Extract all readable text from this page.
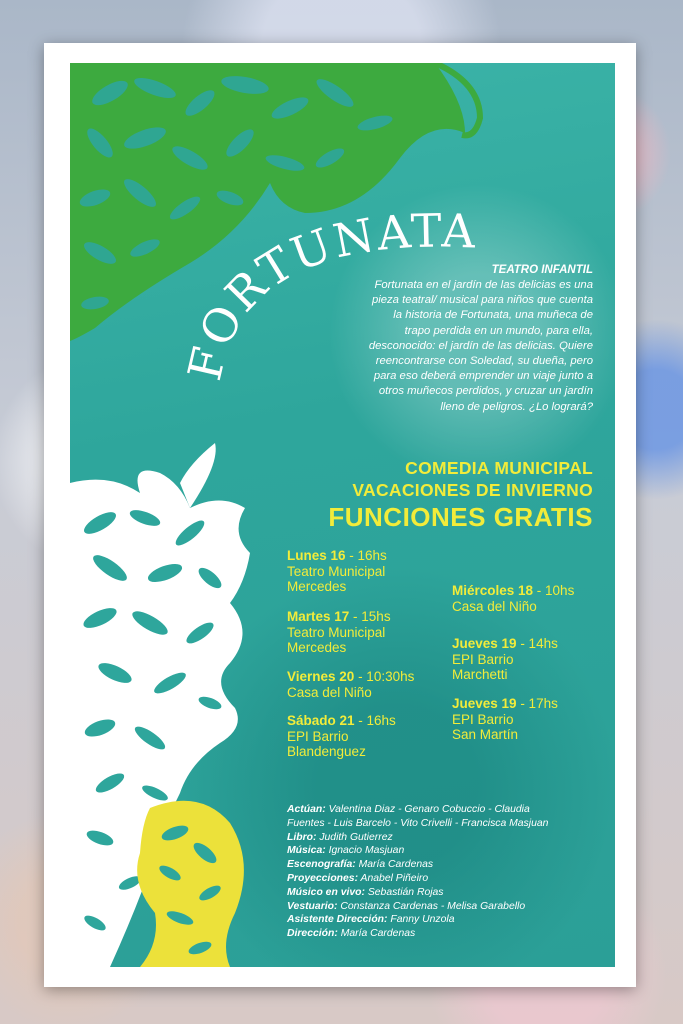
FORTUNATA
TEATRO INFANTIL
Fortunata en el jardín de las delicias es una
pieza teatral/ musical para niños que cuenta
la historia de Fortunata, una muñeca de
trapo perdida en un mundo, para ella,
desconocido: el jardín de las delicias. Quiere
reencontrarse con Soledad, su dueña, pero
para eso deberá emprender un viaje junto a
otros muñecos perdidos, y cruzar un jardín
lleno de peligros. ¿Lo logrará?
COMEDIA MUNICIPAL
VACACIONES DE INVIERNO
FUNCIONES GRATIS
Lunes 16 - 16hs
Teatro Municipal
Mercedes
Martes 17 - 15hs
Teatro Municipal
Mercedes
Viernes 20 - 10:30hs
Casa del Niño
Sábado 21 - 16hs
EPI Barrio
Blandenguez
Miércoles 18 - 10hs
Casa del Niño
Jueves 19 - 14hs
EPI Barrio
Marchetti
Jueves 19 - 17hs
EPI Barrio
San Martín
Actúan: Valentina Diaz - Genaro Cobuccio - Claudia
Fuentes - Luis Barcelo - Vito Crivelli - Francisca Masjuan
Libro: Judith Gutierrez
Música: Ignacio Masjuan
Escenografía: María Cardenas
Proyecciones: Anabel Piñeiro
Músico en vivo: Sebastián Rojas
Vestuario: Constanza Cardenas - Melisa Garabello
Asistente Dirección: Fanny Unzola
Dirección: María Cardenas
